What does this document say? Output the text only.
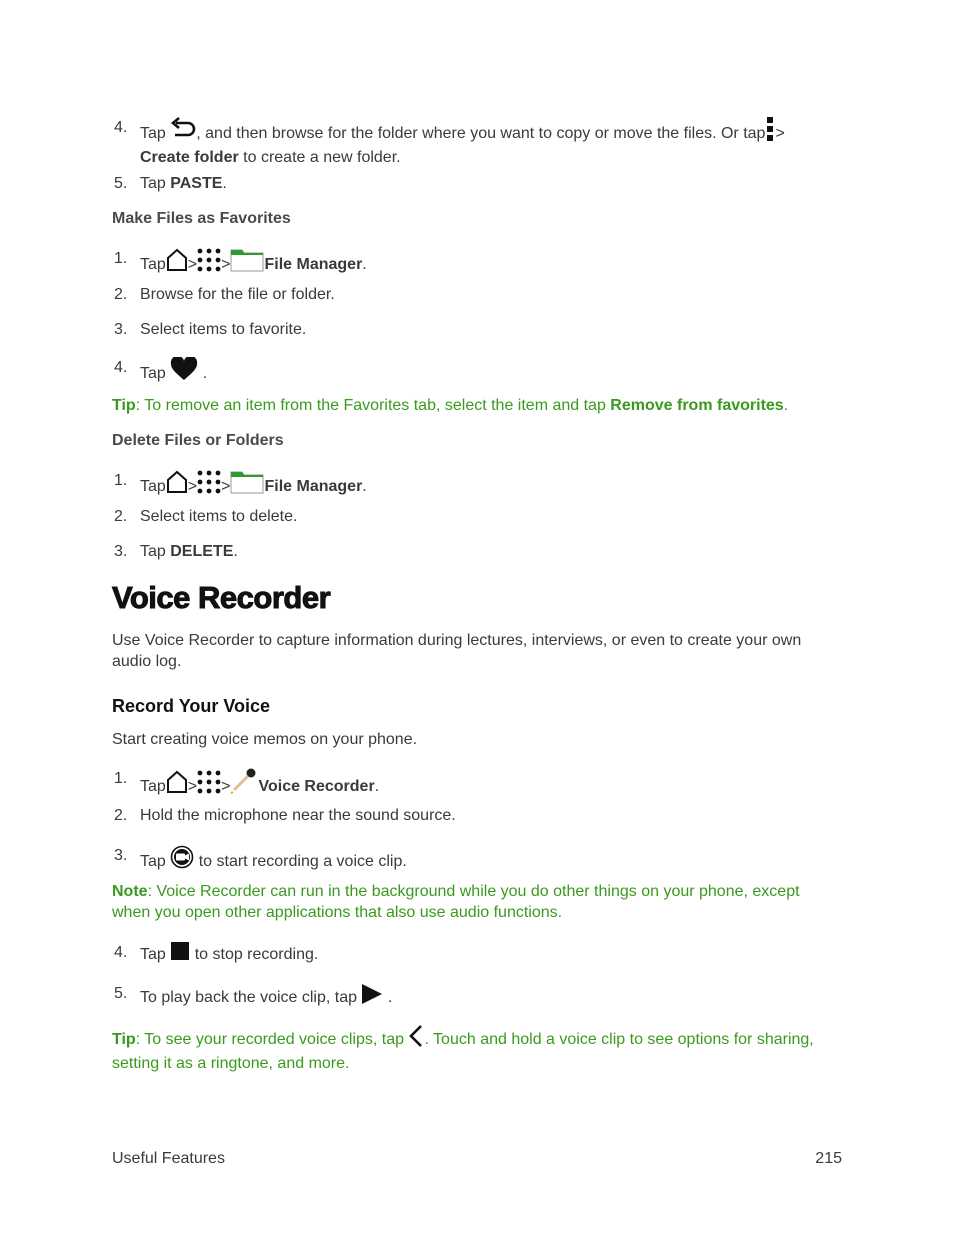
4. Tap , and then browse for the folder where you want to copy or move the files. Or tap >
Create folder to create a new folder.
5. Tap PASTE.
Make Files as Favorites
1. Tap > > File Manager.
2. Browse for the file or folder.
3. Select items to favorite.
4. Tap .
Tip: To remove an item from the Favorites tab, select the item and tap Remove from favorites.
Delete Files or Folders
1. Tap > > File Manager.
2. Select items to delete.
3. Tap DELETE.
Voice Recorder
Use Voice Recorder to capture information during lectures, interviews, or even to create your own audio log.
Record Your Voice
Start creating voice memos on your phone.
1. Tap > > Voice Recorder.
2. Hold the microphone near the sound source.
3. Tap to start recording a voice clip.
Note: Voice Recorder can run in the background while you do other things on your phone, except when you open other applications that also use audio functions.
4. Tap to stop recording.
5. To play back the voice clip, tap .
Tip: To see your recorded voice clips, tap . Touch and hold a voice clip to see options for sharing, setting it as a ringtone, and more.
Useful Features	215
